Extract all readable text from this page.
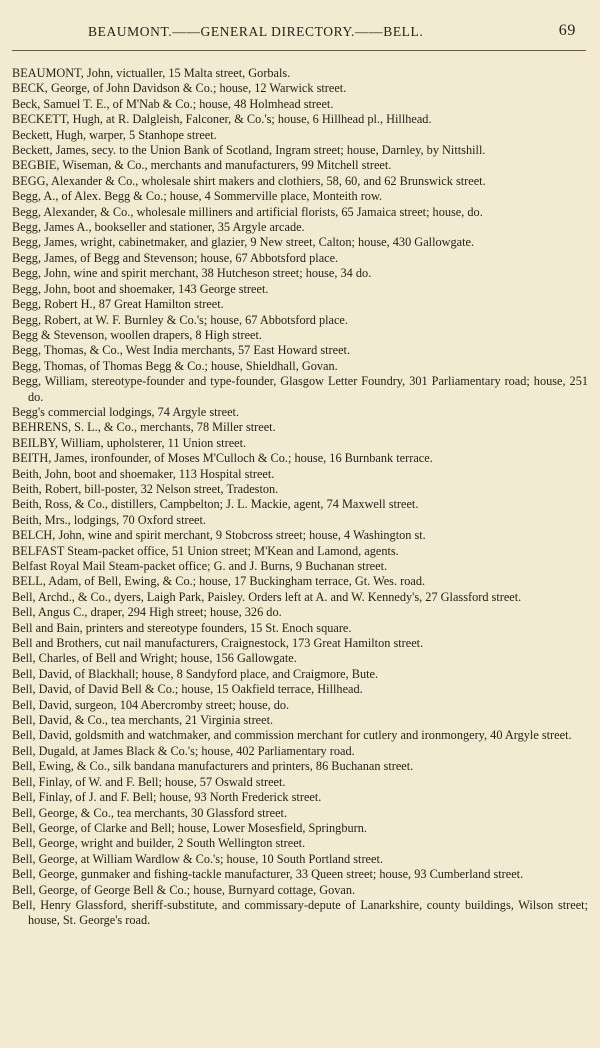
BEAUMONT.——GENERAL DIRECTORY.——BELL.	69

BEAUMONT, John, victualler, 15 Malta street, Gorbals.

BECK, George, of John Davidson & Co.; house, 12 Warwick street.

Beck, Samuel T. E., of M'Nab & Co.; house, 48 Holmhead street.

BECKETT, Hugh, at R. Dalgleish, Falconer, & Co.'s; house, 6 Hillhead pl., Hillhead.

Beckett, Hugh, warper, 5 Stanhope street.

Beckett, James, secy. to the Union Bank of Scotland, Ingram street; house, Darnley, by Nittshill.

BEGBIE, Wiseman, & Co., merchants and manufacturers, 99 Mitchell street.

BEGG, Alexander & Co., wholesale shirt makers and clothiers, 58, 60, and 62 Brunswick street.

Begg, A., of Alex. Begg & Co.; house, 4 Sommerville place, Monteith row.

Begg, Alexander, & Co., wholesale milliners and artificial florists, 65 Jamaica street; house, do.

Begg, James A., bookseller and stationer, 35 Argyle arcade.

Begg, James, wright, cabinetmaker, and glazier, 9 New street, Calton; house, 430 Gallowgate.

Begg, James, of Begg and Stevenson; house, 67 Abbotsford place.

Begg, John, wine and spirit merchant, 38 Hutcheson street; house, 34 do.

Begg, John, boot and shoemaker, 143 George street.

Begg, Robert H., 87 Great Hamilton street.

Begg, Robert, at W. F. Burnley & Co.'s; house, 67 Abbotsford place.

Begg & Stevenson, woollen drapers, 8 High street.

Begg, Thomas, & Co., West India merchants, 57 East Howard street.

Begg, Thomas, of Thomas Begg & Co.; house, Shieldhall, Govan.

Begg, William, stereotype-founder and type-founder, Glasgow Letter Foundry, 301 Parliamentary road; house, 251 do.

Begg's commercial lodgings, 74 Argyle street.

BEHRENS, S. L., & Co., merchants, 78 Miller street.

BEILBY, William, upholsterer, 11 Union street.

BEITH, James, ironfounder, of Moses M'Culloch & Co.; house, 16 Burnbank terrace.

Beith, John, boot and shoemaker, 113 Hospital street.

Beith, Robert, bill-poster, 32 Nelson street, Tradeston.

Beith, Ross, & Co., distillers, Campbelton; J. L. Mackie, agent, 74 Maxwell street.

Beith, Mrs., lodgings, 70 Oxford street.

BELCH, John, wine and spirit merchant, 9 Stobcross street; house, 4 Washington st.

BELFAST Steam-packet office, 51 Union street; M'Kean and Lamond, agents.

Belfast Royal Mail Steam-packet office; G. and J. Burns, 9 Buchanan street.

BELL, Adam, of Bell, Ewing, & Co.; house, 17 Buckingham terrace, Gt. Wes. road.

Bell, Archd., & Co., dyers, Laigh Park, Paisley. Orders left at A. and W. Kennedy's, 27 Glassford street.

Bell, Angus C., draper, 294 High street; house, 326 do.

Bell and Bain, printers and stereotype founders, 15 St. Enoch square.

Bell and Brothers, cut nail manufacturers, Craignestock, 173 Great Hamilton street.

Bell, Charles, of Bell and Wright; house, 156 Gallowgate.

Bell, David, of Blackhall; house, 8 Sandyford place, and Craigmore, Bute.

Bell, David, of David Bell & Co.; house, 15 Oakfield terrace, Hillhead.

Bell, David, surgeon, 104 Abercromby street; house, do.

Bell, David, & Co., tea merchants, 21 Virginia street.

Bell, David, goldsmith and watchmaker, and commission merchant for cutlery and ironmongery, 40 Argyle street.

Bell, Dugald, at James Black & Co.'s; house, 402 Parliamentary road.

Bell, Ewing, & Co., silk bandana manufacturers and printers, 86 Buchanan street.

Bell, Finlay, of W. and F. Bell; house, 57 Oswald street.

Bell, Finlay, of J. and F. Bell; house, 93 North Frederick street.

Bell, George, & Co., tea merchants, 30 Glassford street.

Bell, George, of Clarke and Bell; house, Lower Mosesfield, Springburn.

Bell, George, wright and builder, 2 South Wellington street.

Bell, George, at William Wardlow & Co.'s; house, 10 South Portland street.

Bell, George, gunmaker and fishing-tackle manufacturer, 33 Queen street; house, 93 Cumberland street.

Bell, George, of George Bell & Co.; house, Burnyard cottage, Govan.

Bell, Henry Glassford, sheriff-substitute, and commissary-depute of Lanarkshire, county buildings, Wilson street; house, St. George's road.
